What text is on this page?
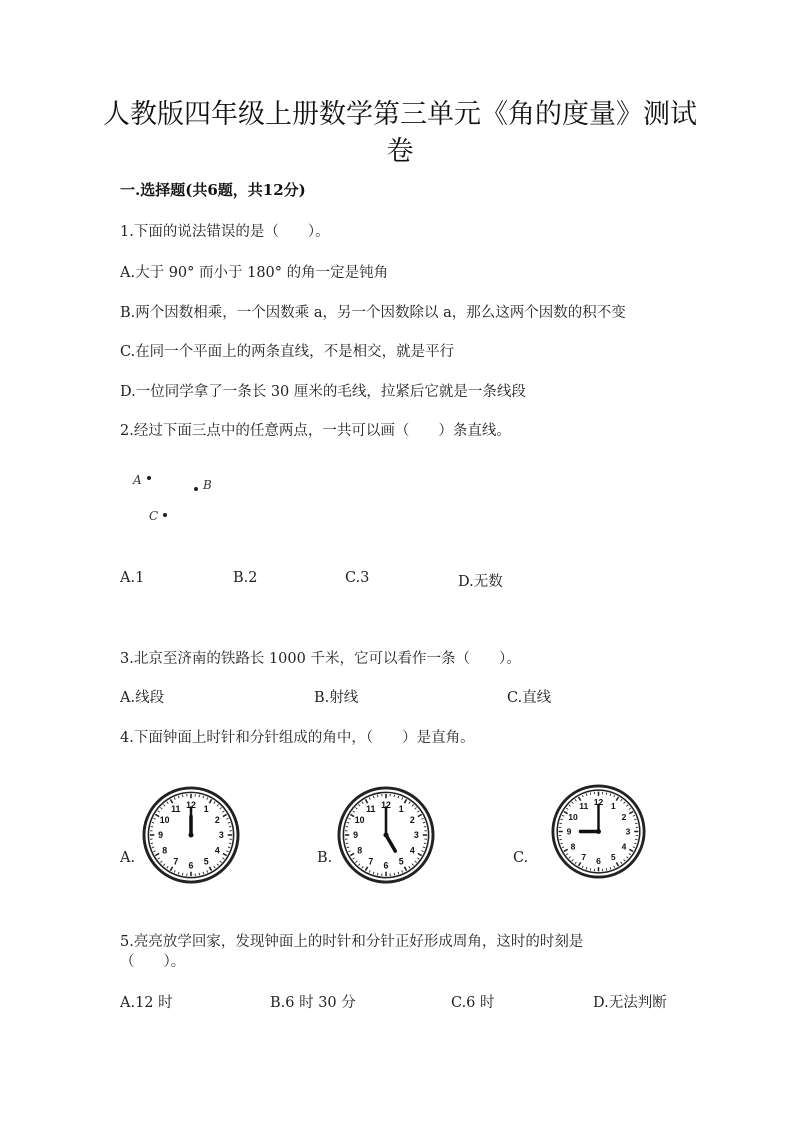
人教版四年级上册数学第三单元《角的度量》测试
卷
一.选择题(共6题，共12分)
1.下面的说法错误的是（　　）。
A.大于 90° 而小于 180° 的角一定是钝角
B.两个因数相乘，一个因数乘 a，另一个因数除以 a，那么这两个因数的积不变
C.在同一个平面上的两条直线，不是相交，就是平行
D.一位同学拿了一条长 30 厘米的毛线，拉紧后它就是一条线段
2.经过下面三点中的任意两点，一共可以画（　　）条直线。
A	B
C
A.1	B.2	C.3	D.无数
3.北京至济南的铁路长 1000 千米，它可以看作一条（　　）。
A.线段	B.射线	C.直线
4.下面钟面上时针和分针组成的角中，（　　）是直角。
A.
12 1
2
3
4
5
6
7
8
9
10
11
B.
12 1
2
3
4
5
6
7
8
9
10
11
C.
12 1
2
3
4
5
6
7
8
9
10
11
5.亮亮放学回家，发现钟面上的时针和分针正好形成周角，这时的时刻是
（　　）。
A.12 时	B.6 时 30 分	C.6 时	D.无法判断
